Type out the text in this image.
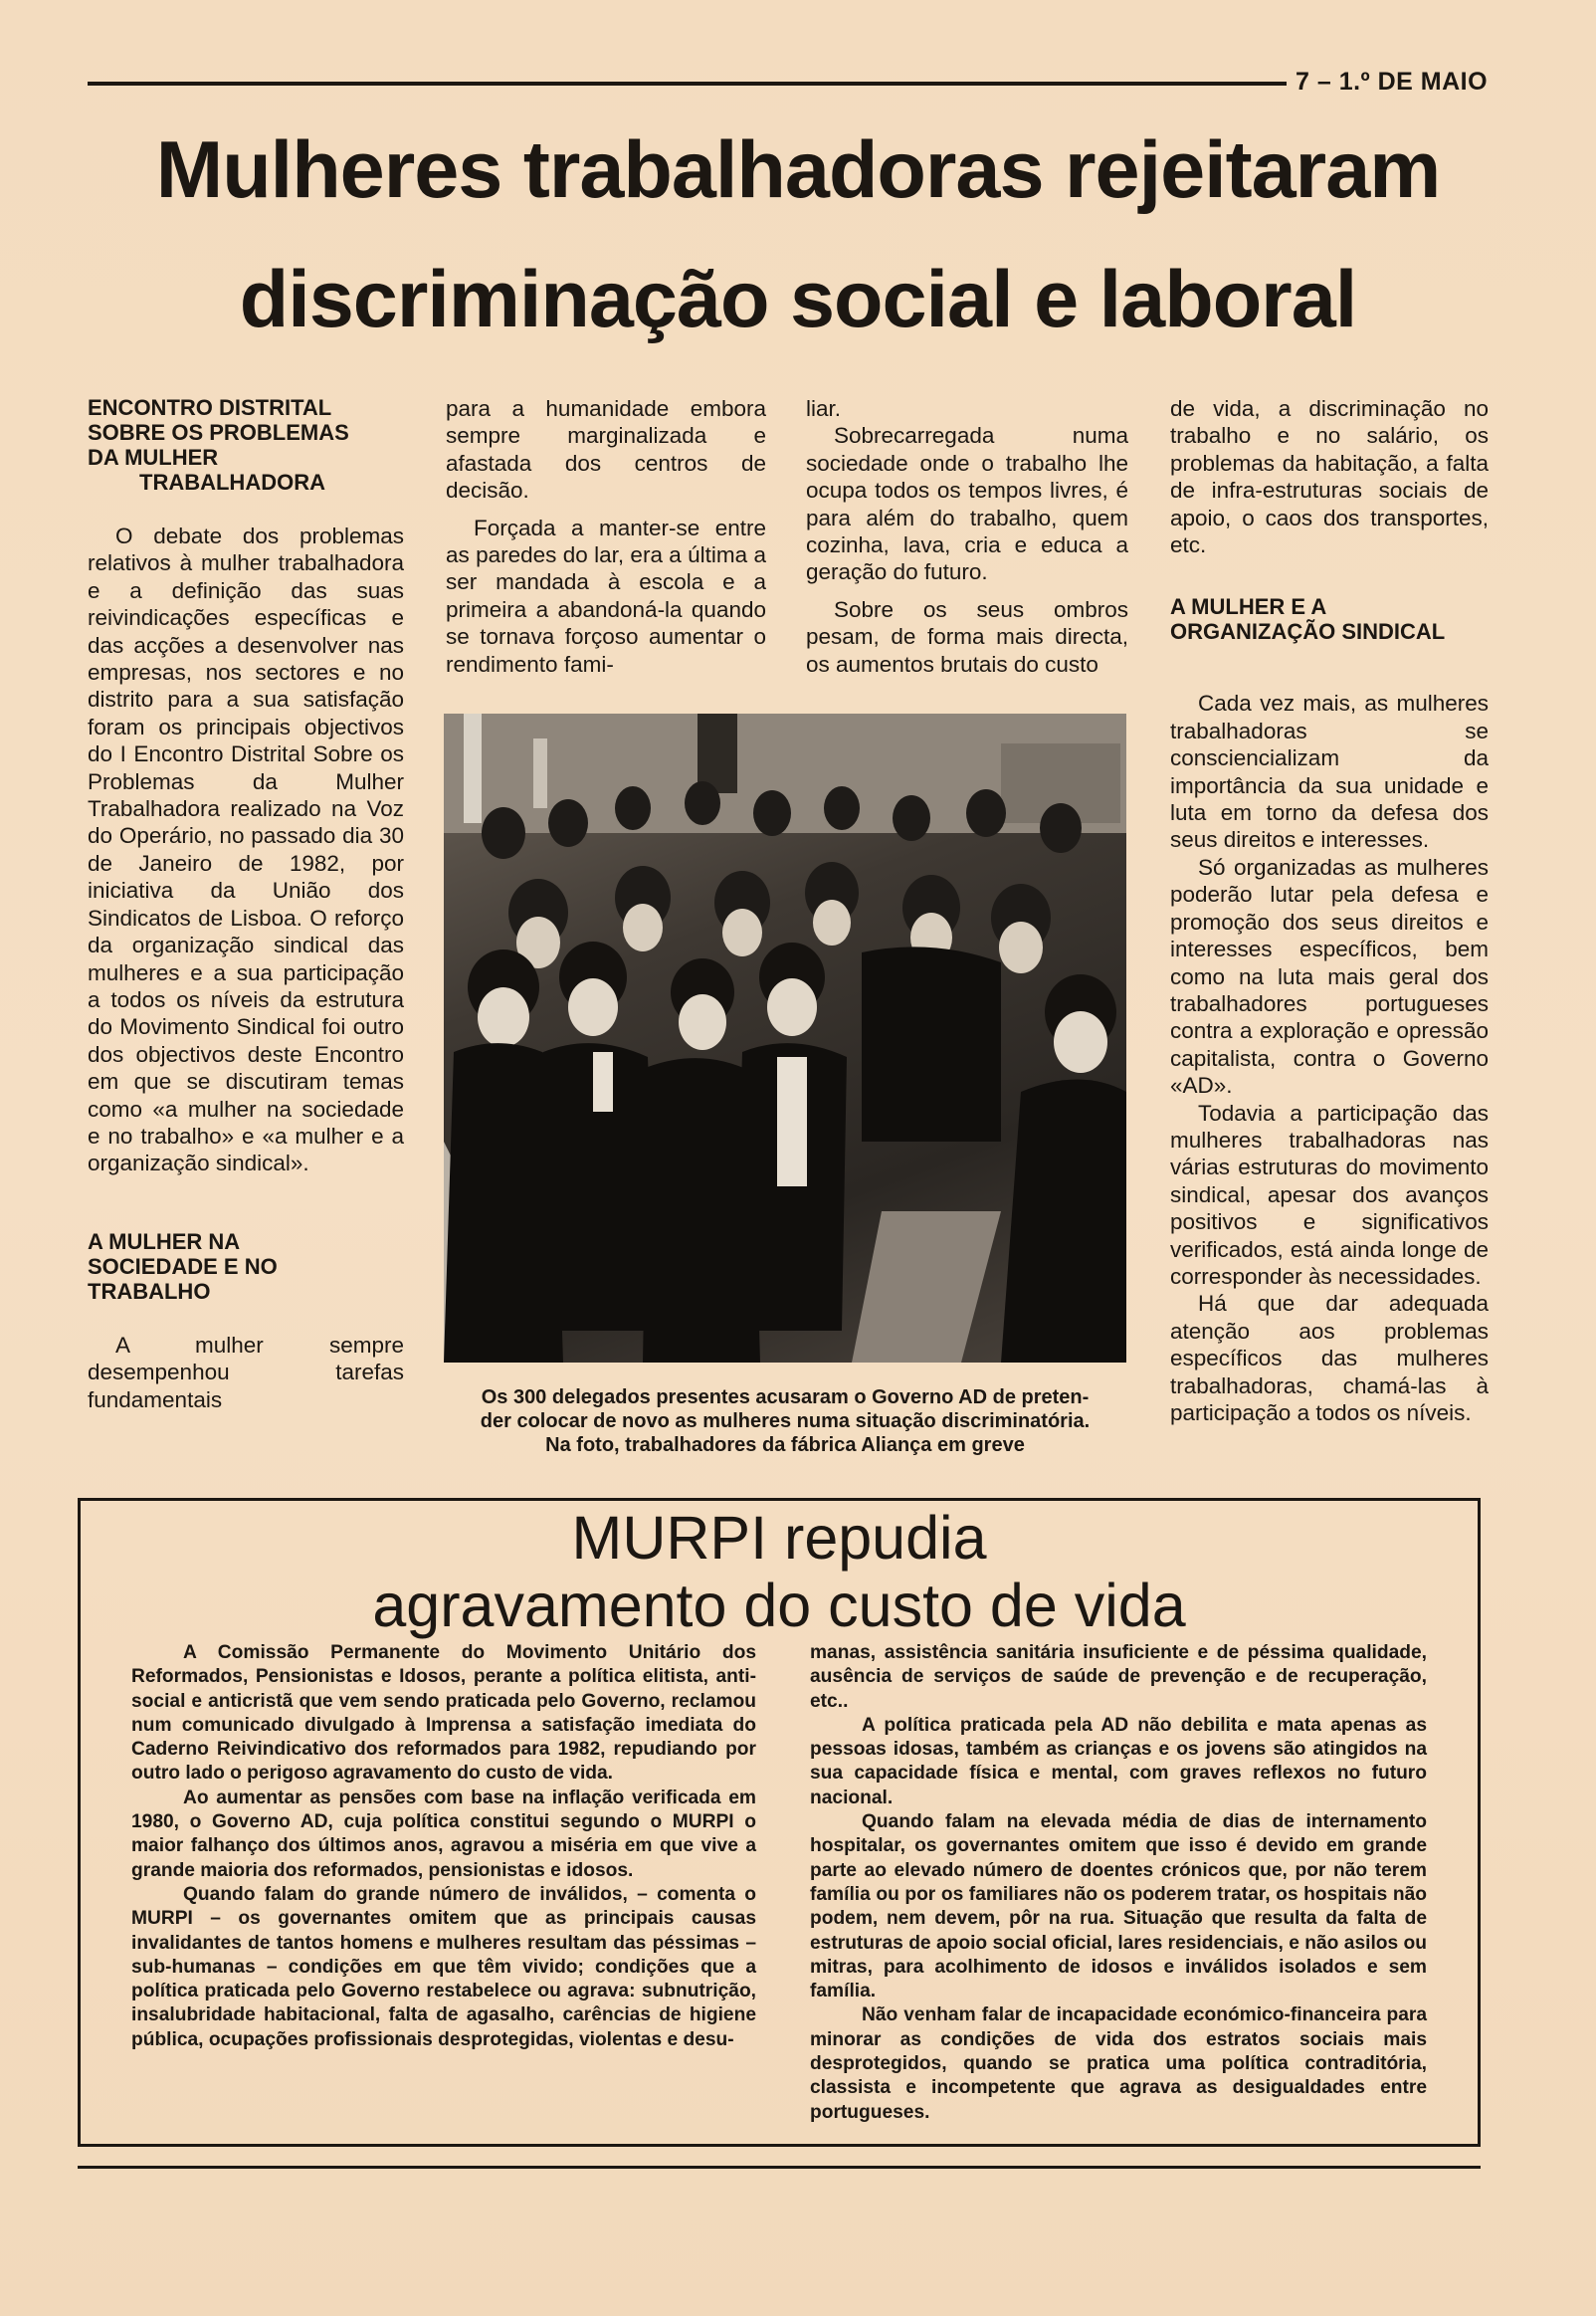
7 – 1.º DE MAIO
Mulheres trabalhadoras rejeitaram
discriminação social e laboral
ENCONTRO DISTRITAL
SOBRE OS PROBLEMAS
DA MULHER

TRABALHADORA

O debate dos problemas relativos à mulher trabalhadora e a definição das suas reivindicações específicas e das acções a desenvolver nas empresas, nos sectores e no distrito para a sua satisfação foram os principais objectivos do I Encontro Distrital Sobre os Problemas da Mulher Trabalhadora realizado na Voz do Operário, no passado dia 30 de Janeiro de 1982, por iniciativa da União dos Sindicatos de Lisboa. O reforço da organização sindical das mulheres e a sua participação a todos os níveis da estrutura do Movimento Sindical foi outro dos objectivos deste Encontro em que se discutiram temas como «a mulher na sociedade e no trabalho» e «a mulher e a organização sindical».

A MULHER NA
SOCIEDADE E NO
TRABALHO

A mulher sempre desempenhou tarefas fundamentais

para a humanidade embora sempre marginalizada e afastada dos centros de decisão.

Forçada a manter-se entre as paredes do lar, era a última a ser mandada à escola e a primeira a abandoná-la quando se tornava forçoso aumentar o rendimento fami-

liar.

Sobrecarregada numa sociedade onde o trabalho lhe ocupa todos os tempos livres, é para além do trabalho, quem cozinha, lava, cria e educa a geração do futuro.

Sobre os seus ombros pesam, de forma mais directa, os aumentos brutais do custo

de vida, a discriminação no trabalho e no salário, os problemas da habitação, a falta de infra-estruturas sociais de apoio, o caos dos transportes, etc.

A MULHER E A
ORGANIZAÇÃO SINDICAL

Cada vez mais, as mulheres trabalhadoras se consciencializam da importância da sua unidade e luta em torno da defesa dos seus direitos e interesses.

Só organizadas as mulheres poderão lutar pela defesa e promoção dos seus direitos e interesses específicos, bem como na luta mais geral dos trabalhadores portugueses contra a exploração e opressão capitalista, contra o Governo «AD».

Todavia a participação das mulheres trabalhadoras nas várias estruturas do movimento sindical, apesar dos avanços positivos e significativos verificados, está ainda longe de corresponder às necessidades.

Há que dar adequada atenção aos problemas específicos das mulheres trabalhadoras, chamá-las à participação a todos os níveis.

Os 300 delegados presentes acusaram o Governo AD de preten-
der colocar de novo as mulheres numa situação discriminatória.
Na foto, trabalhadores da fábrica Aliança em greve
MURPI repudia
agravamento do custo de vida

A Comissão Permanente do Movimento Unitário dos Reformados, Pensionistas e Idosos, perante a política elitista, anti-social e anticristã que vem sendo praticada pelo Governo, reclamou num comunicado divulgado à Imprensa a satisfação imediata do Caderno Reivindicativo dos reformados para 1982, repudiando por outro lado o perigoso agravamento do custo de vida.

Ao aumentar as pensões com base na inflação verificada em 1980, o Governo AD, cuja política constitui segundo o MURPI o maior falhanço dos últimos anos, agravou a miséria em que vive a grande maioria dos reformados, pensionistas e idosos.

Quando falam do grande número de inválidos, – comenta o MURPI – os governantes omitem que as principais causas invalidantes de tantos homens e mulheres resultam das péssimas – sub-humanas – condições em que têm vivido; condições que a política praticada pelo Governo restabelece ou agrava: subnutrição, insalubridade habitacional, falta de agasalho, carências de higiene pública, ocupações profissionais desprotegidas, violentas e desu-

manas, assistência sanitária insuficiente e de péssima qualidade, ausência de serviços de saúde de prevenção e de recuperação, etc..

A política praticada pela AD não debilita e mata apenas as pessoas idosas, também as crianças e os jovens são atingidos na sua capacidade física e mental, com graves reflexos no futuro nacional.

Quando falam na elevada média de dias de internamento hospitalar, os governantes omitem que isso é devido em grande parte ao elevado número de doentes crónicos que, por não terem família ou por os familiares não os poderem tratar, os hospitais não podem, nem devem, pôr na rua. Situação que resulta da falta de estruturas de apoio social oficial, lares residenciais, e não asilos ou mitras, para acolhimento de idosos e inválidos isolados e sem família.

Não venham falar de incapacidade económico-financeira para minorar as condições de vida dos estratos sociais mais desprotegidos, quando se pratica uma política contraditória, classista e incompetente que agrava as desigualdades entre portugueses.
